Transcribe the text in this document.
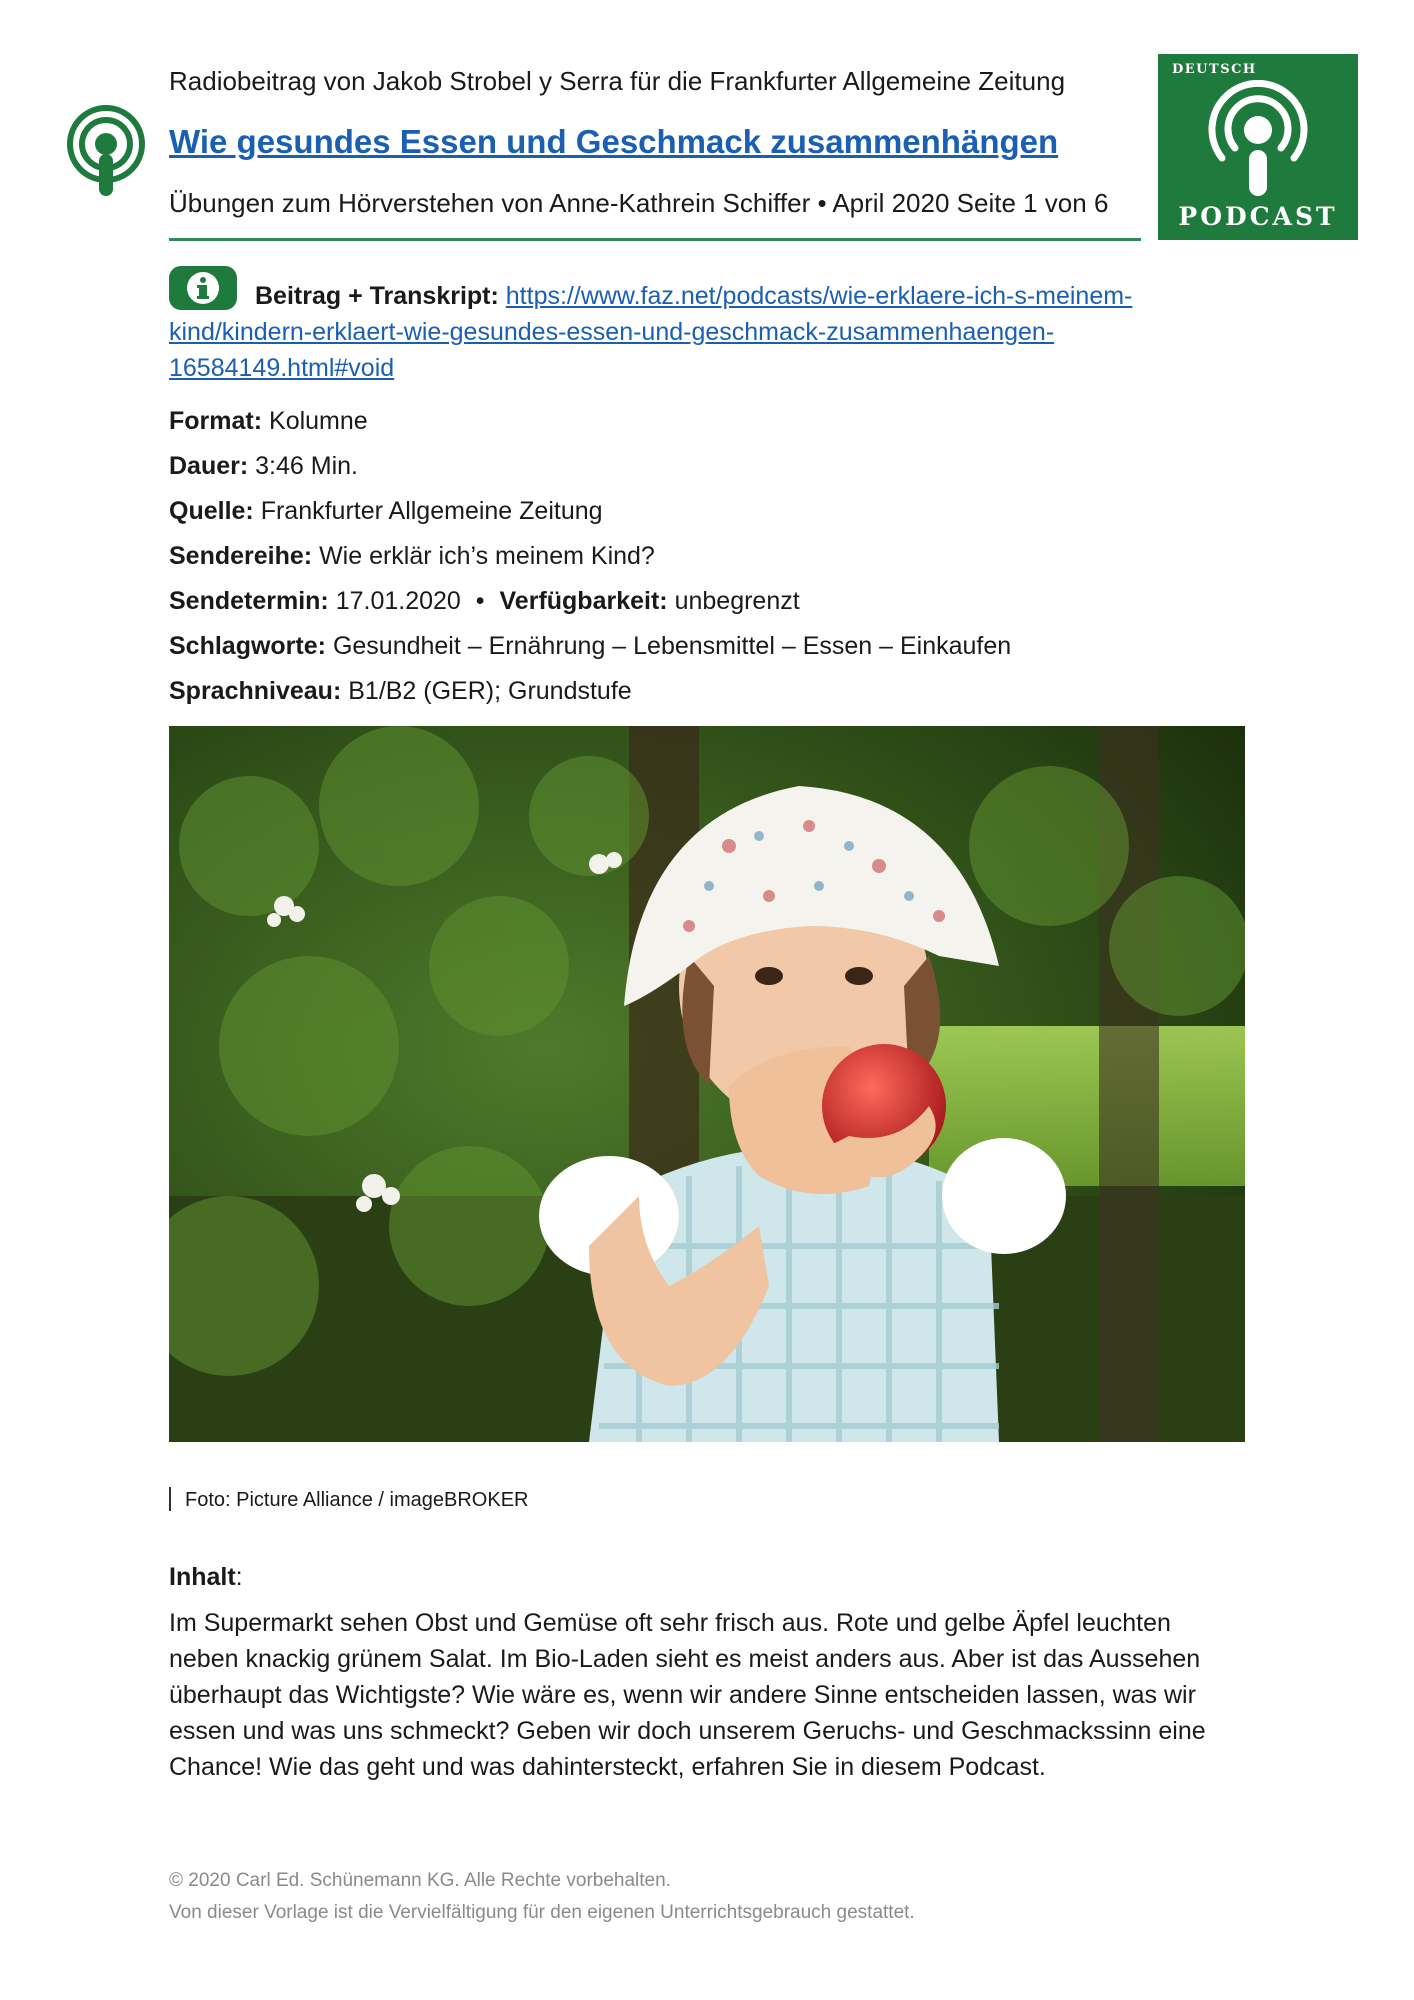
Radiobeitrag von Jakob Strobel y Serra für die Frankfurter Allgemeine Zeitung
Wie gesundes Essen und Geschmack zusammenhängen
Übungen zum Hörverstehen von Anne-Kathrein Schiffer • April 2020 Seite 1 von 6
DEUTSCH
PODCAST
Beitrag + Transkript: https://www.faz.net/podcasts/wie-erklaere-ich-s-meinem-
kind/kindern-erklaert-wie-gesundes-essen-und-geschmack-zusammenhaengen-
16584149.html#void
Format: Kolumne
Dauer: 3:46 Min.
Quelle: Frankfurter Allgemeine Zeitung
Sendereihe: Wie erklär ich’s meinem Kind?
Sendetermin: 17.01.2020 • Verfügbarkeit: unbegrenzt
Schlagworte: Gesundheit – Ernährung – Lebensmittel – Essen – Einkaufen
Sprachniveau: B1/B2 (GER); Grundstufe
Foto: Picture Alliance / imageBROKER
Inhalt:
Im Supermarkt sehen Obst und Gemüse oft sehr frisch aus. Rote und gelbe Äpfel leuchten
neben knackig grünem Salat. Im Bio-Laden sieht es meist anders aus. Aber ist das Aussehen
überhaupt das Wichtigste? Wie wäre es, wenn wir andere Sinne entscheiden lassen, was wir
essen und was uns schmeckt? Geben wir doch unserem Geruchs- und Geschmackssinn eine
Chance! Wie das geht und was dahintersteckt, erfahren Sie in diesem Podcast.
© 2020 Carl Ed. Schünemann KG. Alle Rechte vorbehalten.
Von dieser Vorlage ist die Vervielfältigung für den eigenen Unterrichtsgebrauch gestattet.
